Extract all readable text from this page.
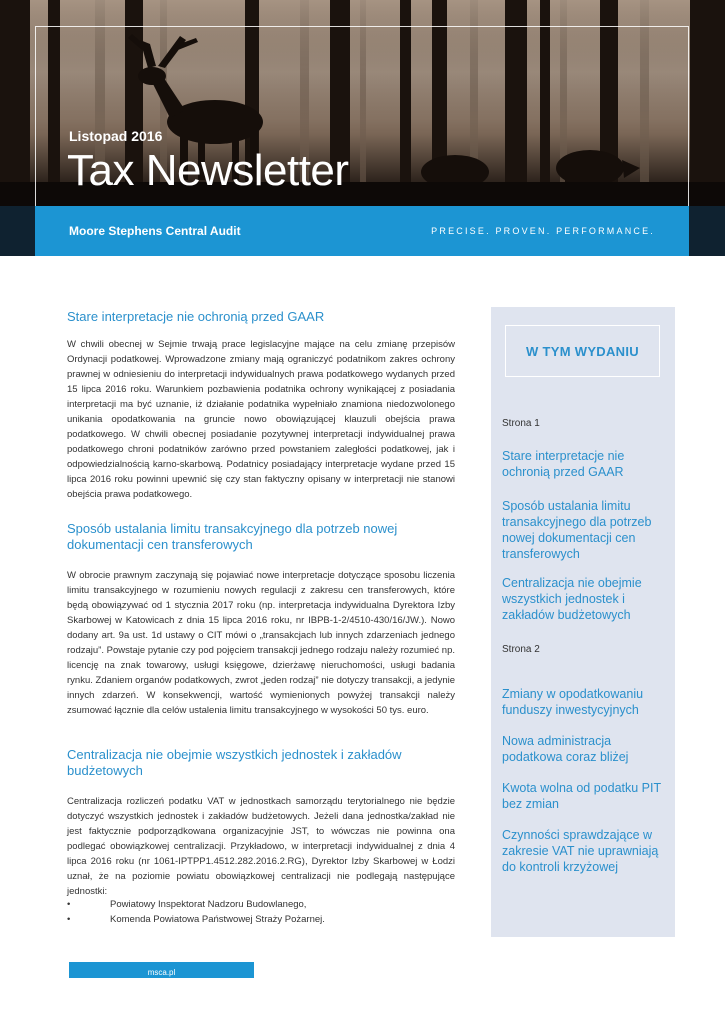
Listopad 2016
Tax Newsletter
Moore Stephens Central Audit	PRECISE. PROVEN. PERFORMANCE.
Stare interpretacje nie ochronią przed GAAR

W chwili obecnej w Sejmie trwają prace legislacyjne mające na celu zmianę przepisów Ordynacji podatkowej. Wprowadzone zmiany mają ograniczyć podatnikom zakres ochrony prawnej w odniesieniu do interpretacji indywidualnych prawa podatkowego wydanych przed 15 lipca 2016 roku. Warunkiem pozbawienia podatnika ochrony wynikającej z posiadania interpretacji ma być uznanie, iż działanie podatnika wypełniało znamiona niedozwolonego unikania opodatkowania na gruncie nowo obowiązującej klauzuli obejścia prawa podatkowego. W chwili obecnej posiadanie pozytywnej interpretacji indywidualnej prawa podatkowego chroni podatników zarówno przed powstaniem zaległości podatkowej, jak i odpowiedzialnością karno-skarbową. Podatnicy posiadający interpretacje wydane przed 15 lipca 2016 roku powinni upewnić się czy stan faktyczny opisany w interpretacji nie stanowi obejścia prawa podatkowego.

Sposób ustalania limitu transakcyjnego dla potrzeb nowej dokumentacji cen transferowych

W obrocie prawnym zaczynają się pojawiać nowe interpretacje dotyczące sposobu liczenia limitu transakcyjnego w rozumieniu nowych regulacji z zakresu cen transferowych, które będą obowiązywać od 1 stycznia 2017 roku (np. interpretacja indywidualna Dyrektora Izby Skarbowej w Katowicach z dnia 15 lipca 2016 roku, nr IBPB-1-2/4510-430/16/JW.). Nowo dodany art. 9a ust. 1d ustawy o CIT mówi o „transakcjach lub innych zdarzeniach jednego rodzaju”. Powstaje pytanie czy pod pojęciem transakcji jednego rodzaju należy rozumieć np. licencję na znak towarowy, usługi księgowe, dzierżawę nieruchomości, usługi badania rynku. Zdaniem organów podatkowych, zwrot „jeden rodzaj” nie dotyczy transakcji, a jedynie innych zdarzeń. W konsekwencji, wartość wymienionych powyżej transakcji należy zsumować łącznie dla celów ustalenia limitu transakcyjnego w wysokości 50 tys. euro.

Centralizacja nie obejmie wszystkich jednostek i zakładów budżetowych

Centralizacja rozliczeń podatku VAT w jednostkach samorządu terytorialnego nie będzie dotyczyć wszystkich jednostek i zakładów budżetowych. Jeżeli dana jednostka/zakład nie jest faktycznie podporządkowana organizacyjnie JST, to wówczas nie powinna ona podlegać obowiązkowej centralizacji. Przykładowo, w interpretacji indywidualnej z dnia 4 lipca 2016 roku (nr 1061-IPTPP1.4512.282.2016.2.RG), Dyrektor Izby Skarbowej w Łodzi uznał, że na poziomie powiatu obowiązkowej centralizacji nie podlegają następujące jednostki:

•	Powiatowy Inspektorat Nadzoru Budowlanego,
•	Komenda Powiatowa Państwowej Straży Pożarnej.
W TYM WYDANIU
Strona 1
Stare interpretacje nie ochronią przed GAAR
Sposób ustalania limitu transakcyjnego dla potrzeb nowej dokumentacji cen transferowych
Centralizacja nie obejmie wszystkich jednostek i zakładów budżetowych
Strona 2
Zmiany w opodatkowaniu funduszy inwestycyjnych
Nowa administracja podatkowa coraz bliżej
Kwota wolna od podatku PIT bez zmian
Czynności sprawdzające w zakresie VAT nie uprawniają do kontroli krzyżowej
msca.pl
